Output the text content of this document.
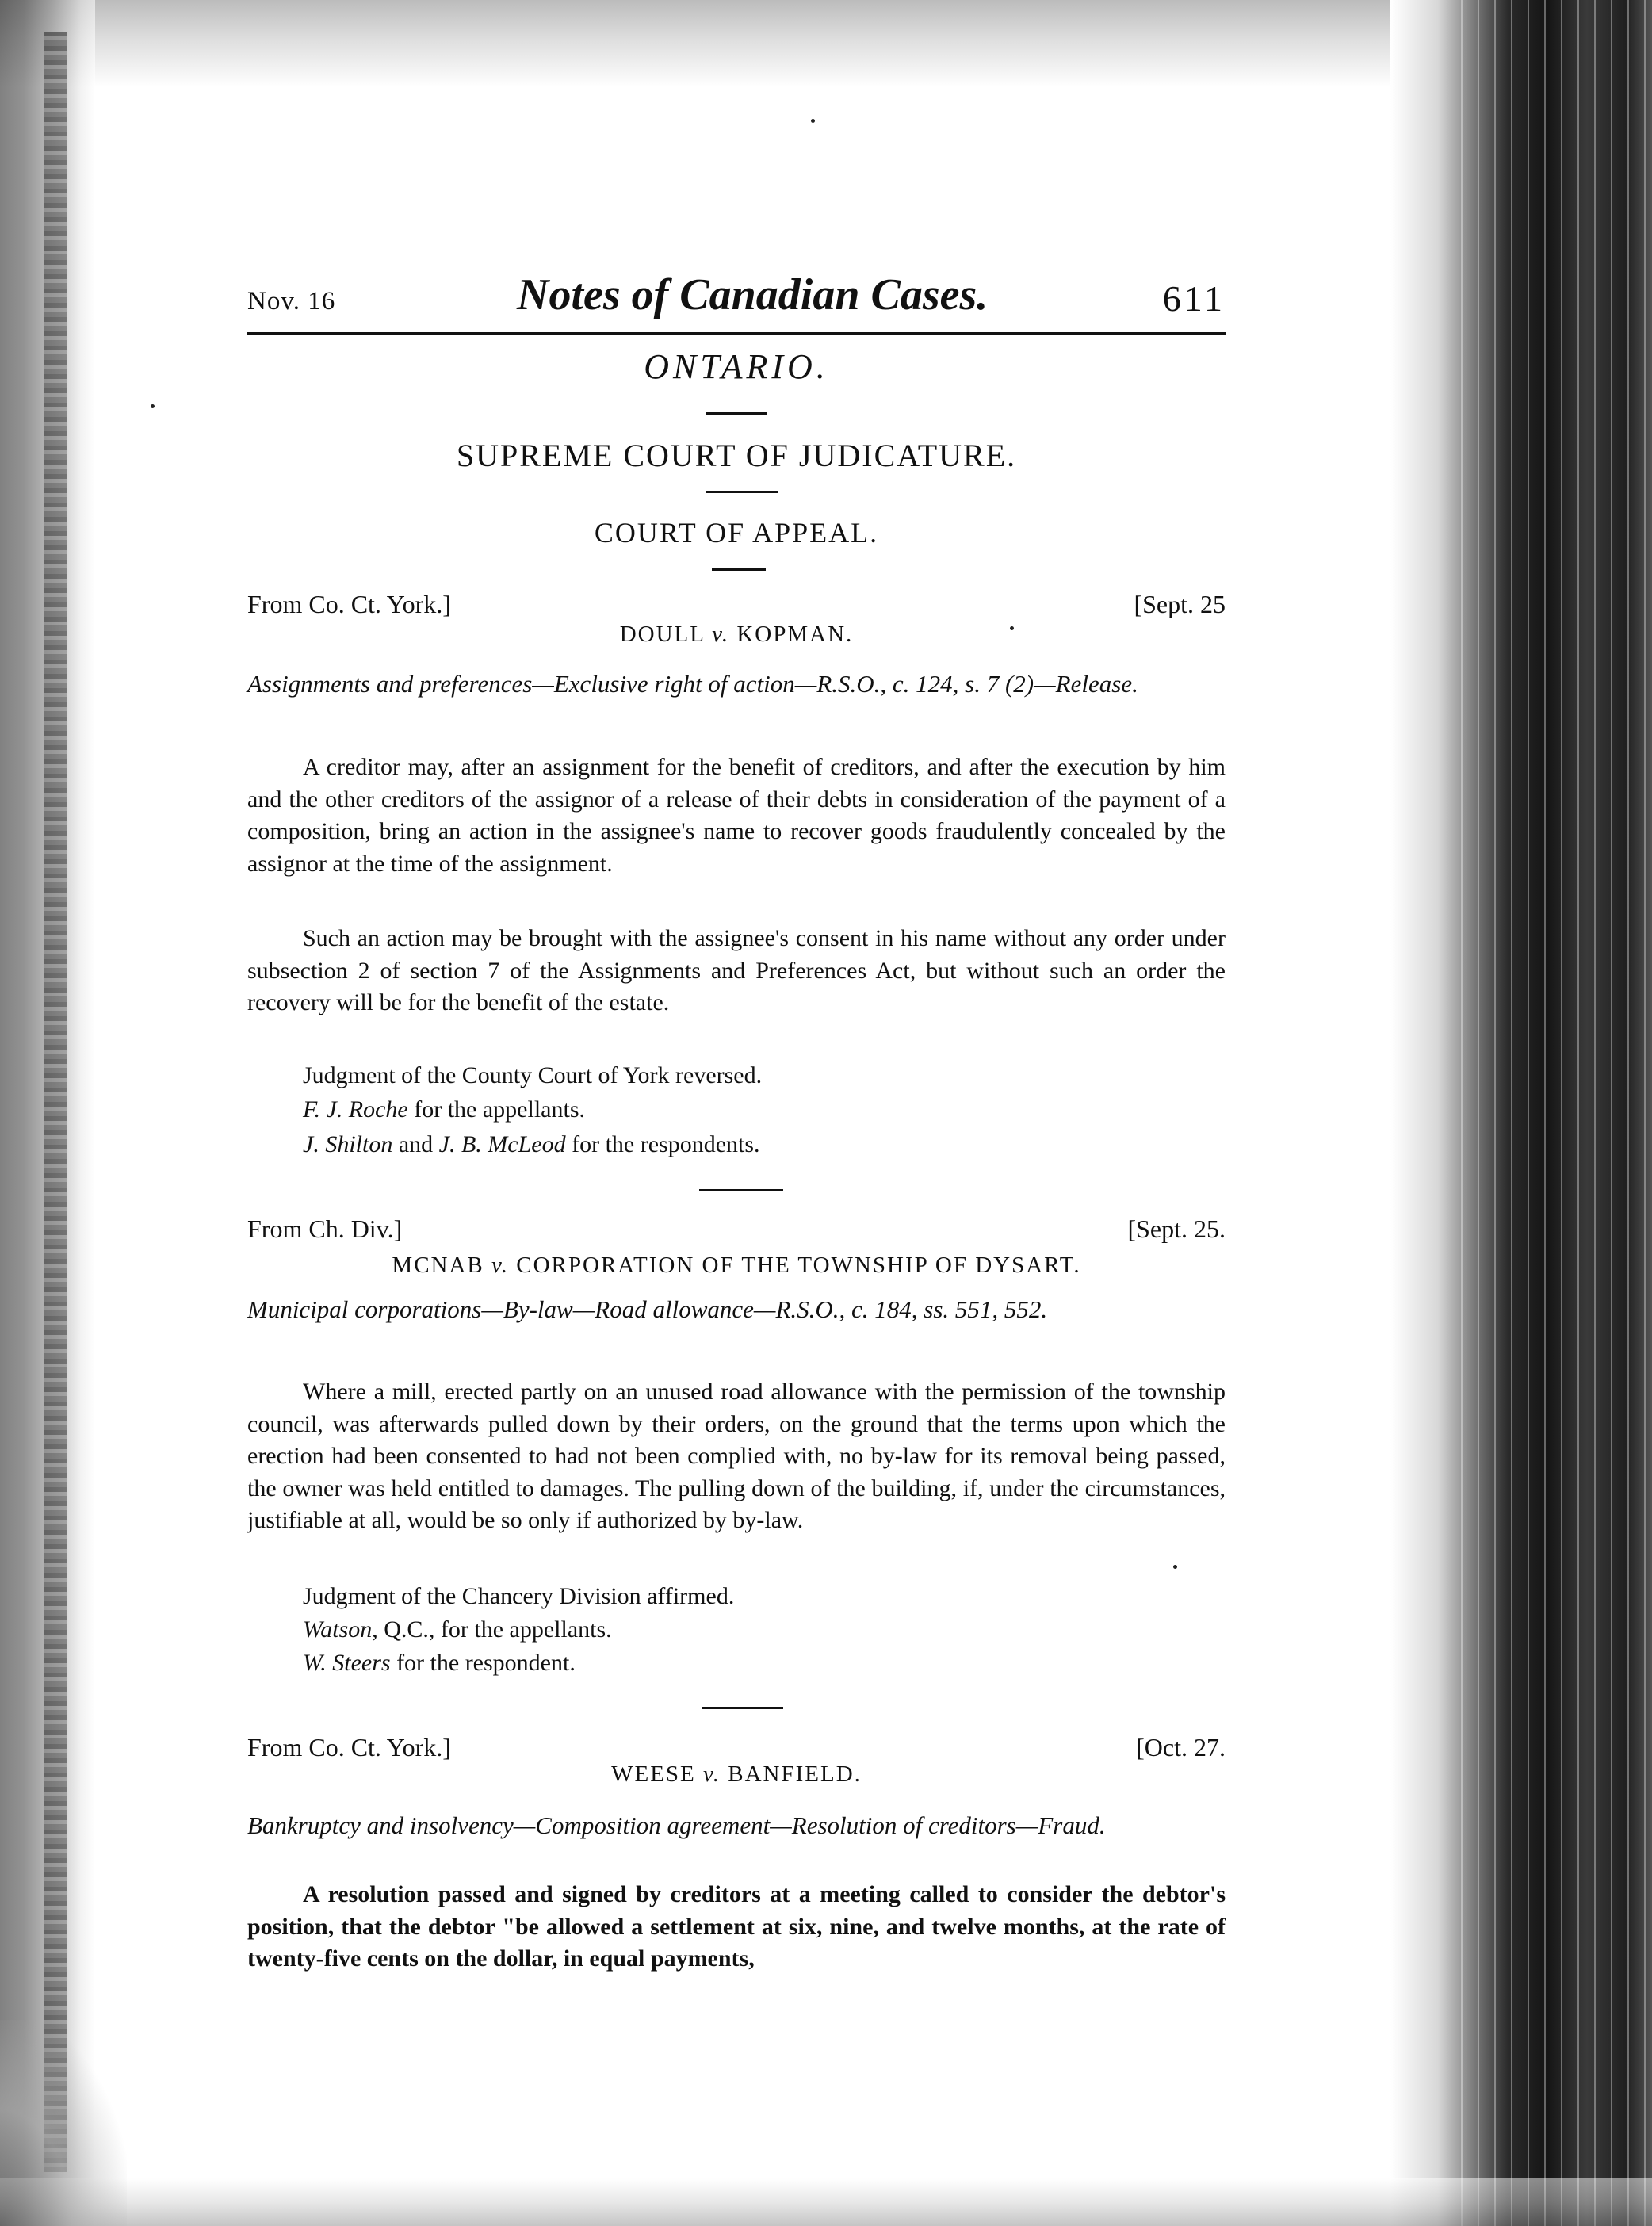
Nov. 16	Notes of Canadian Cases.	611
ONTARIO.
SUPREME COURT OF JUDICATURE.
COURT OF APPEAL.
From Co. Ct. York.]	[Sept. 25
DOULL v. KOPMAN.
Assignments and preferences—Exclusive right of action—R.S.O., c. 124, s. 7 (2)—Release.
A creditor may, after an assignment for the benefit of creditors, and after the execution by him and the other creditors of the assignor of a release of their debts in consideration of the payment of a composition, bring an action in the assignee's name to recover goods fraudulently concealed by the assignor at the time of the assignment.
Such an action may be brought with the assignee's consent in his name without any order under subsection 2 of section 7 of the Assignments and Preferences Act, but without such an order the recovery will be for the benefit of the estate.
Judgment of the County Court of York reversed.
F. J. Roche for the appellants.
J. Shilton and J. B. McLeod for the respondents.
From Ch. Div.]	[Sept. 25.
MCNAB v. CORPORATION OF THE TOWNSHIP OF DYSART.
Municipal corporations—By-law—Road allowance—R.S.O., c. 184, ss. 551, 552.
Where a mill, erected partly on an unused road allowance with the permission of the township council, was afterwards pulled down by their orders, on the ground that the terms upon which the erection had been consented to had not been complied with, no by-law for its removal being passed, the owner was held entitled to damages. The pulling down of the building, if, under the circumstances, justifiable at all, would be so only if authorized by by-law.
Judgment of the Chancery Division affirmed.
Watson, Q.C., for the appellants.
W. Steers for the respondent.
From Co. Ct. York.]	[Oct. 27.
WEESE v. BANFIELD.
Bankruptcy and insolvency—Composition agreement—Resolution of creditors—Fraud.
A resolution passed and signed by creditors at a meeting called to consider the debtor's position, that the debtor "be allowed a settlement at six, nine, and twelve months, at the rate of twenty-five cents on the dollar, in equal payments,
